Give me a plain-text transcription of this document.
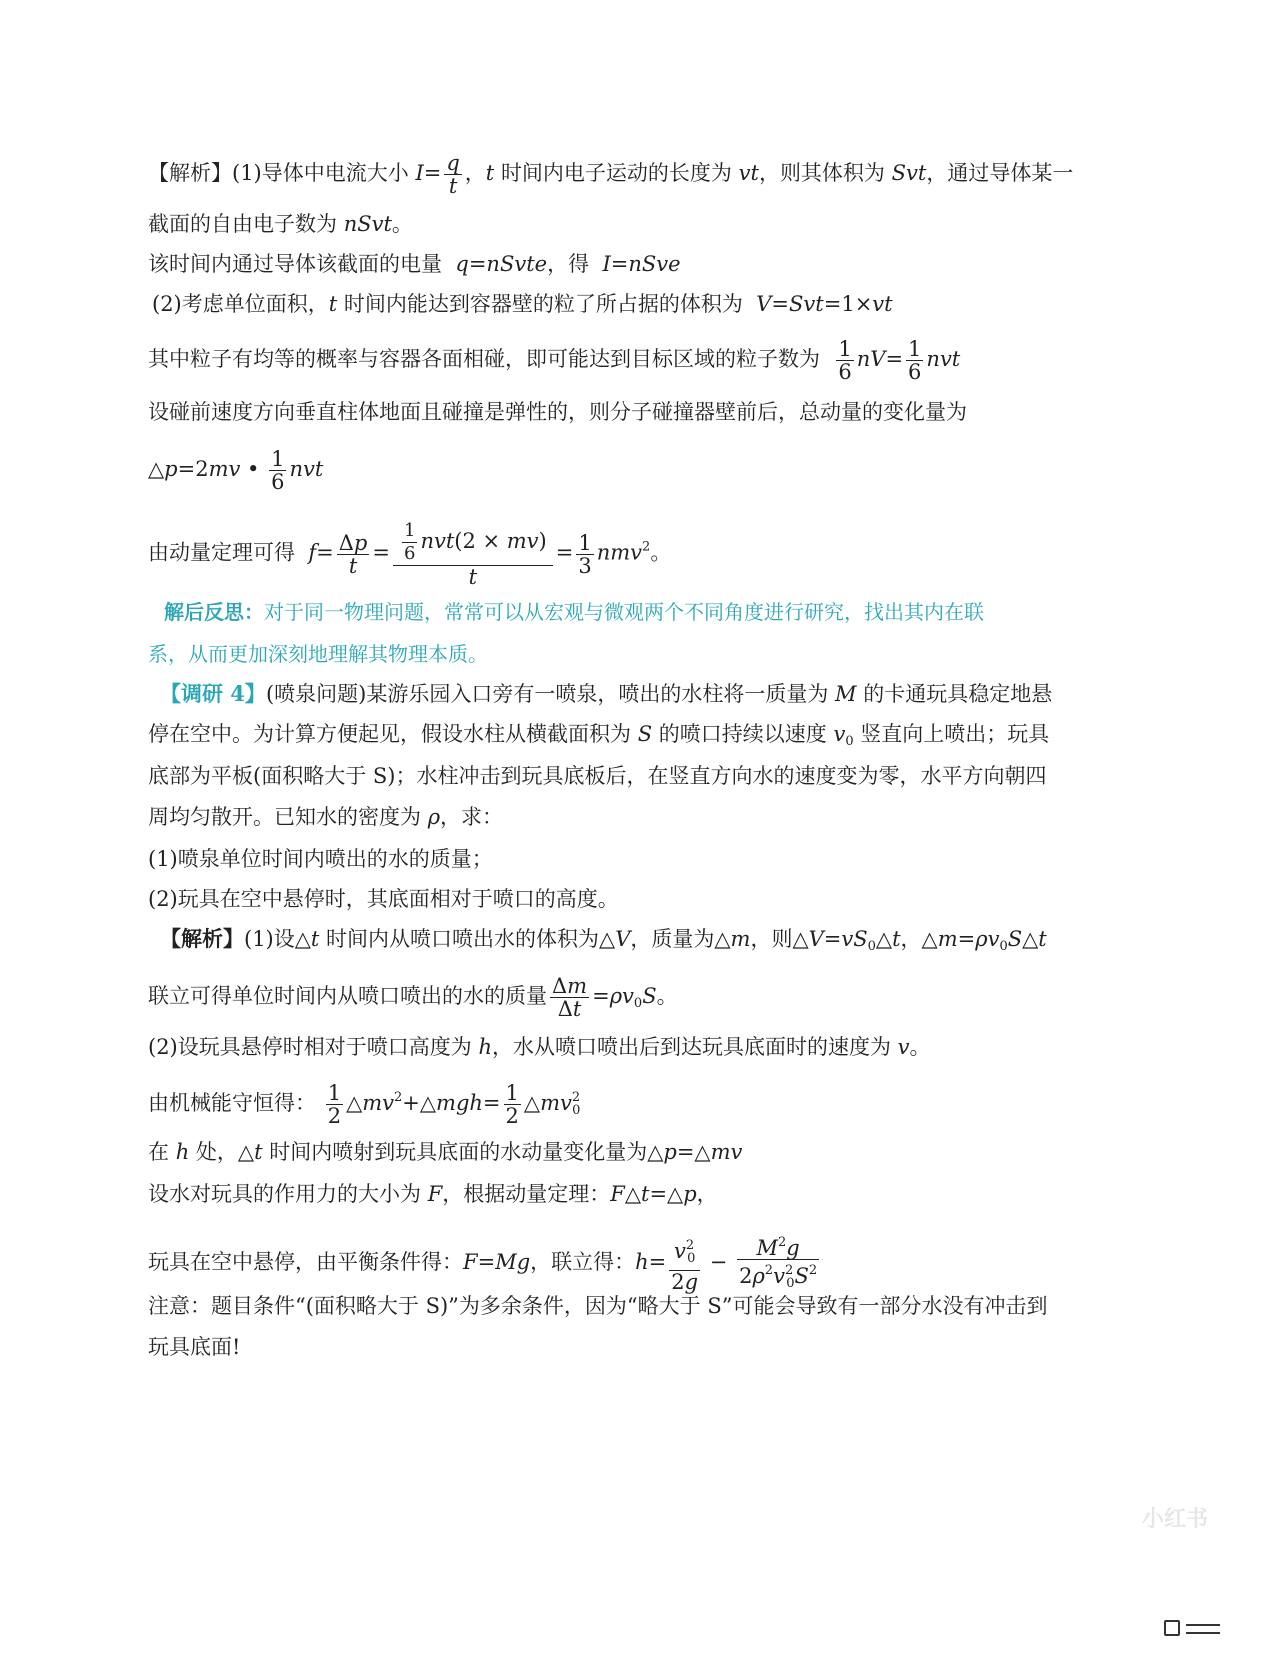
【解析】(1)导体中电流大小 $I= \frac{q}{t}$ ，t 时间内电子运动的长度为 vt，则其体积为 Svt，通过导体某一
截面的自由电子数为 nSvt。
该时间内通过导体该截面的电量 q=nSvte，得 I=nSve
(2)考虑单位面积，t 时间内能达到容器壁的粒了所占据的体积为 V=Svt=1×vt
其中粒子有均等的概率与容器各面相碰，即可能达到目标区域的粒子数为 $\frac{1}{6} nV= \frac{1}{6}$ nvt
设碰前速度方向垂直柱体地面且碰撞是弹性的，则分子碰撞器壁前后，总动量的变化量为
△p=2mv • $\frac{1}{6}$ nvt
由动量定理可得 $f= \frac{\Delta p}{t} = \frac{\frac{1}{6} nvt(2 \times mv)}{t} = \frac{1}{3} nmv^2$。
解后反思：对于同一物理问题，常常可以从宏观与微观两个不同角度进行研究，找出其内在联
系，从而更加深刻地理解其物理本质。
【调研 4】(喷泉问题)某游乐园入口旁有一喷泉，喷出的水柱将一质量为 M 的卡通玩具稳定地悬
停在空中。为计算方便起见，假设水柱从横截面积为 S 的喷口持续以速度 $v_0$ 竖直向上喷出；玩具
底部为平板(面积略大于 S)；水柱冲击到玩具底板后，在竖直方向水的速度变为零，水平方向朝四
周均匀散开。已知水的密度为 ρ，求：
(1)喷泉单位时间内喷出的水的质量；
(2)玩具在空中悬停时，其底面相对于喷口的高度。
【解析】(1)设△t 时间内从喷口喷出水的体积为△V，质量为△m，则$\triangle V=vS_0\triangle t$，$\triangle m=\rho v_0S\triangle t$
联立可得单位时间内从喷口喷出的水的质量 $\frac{\Delta m}{\Delta t} =\rho v_0S$。
(2)设玩具悬停时相对于喷口高度为 h，水从喷口喷出后到达玩具底面时的速度为 v。
由机械能守恒得： $\frac{1}{2}$ $\triangle mv^2+\triangle mgh= \frac{1}{2}$ $\triangle mv^2_0$
在 h 处，△t 时间内喷射到玩具底面的水动量变化量为△p=△mv
设水对玩具的作用力的大小为 F，根据动量定理：F△t=△p，
玩具在空中悬停，由平衡条件得：F=Mg，联立得：$h= \frac{v^2_0}{2g} - \frac{M^2g}{2\rho^2v^2_0S^2}$
注意：题目条件“(面积略大于 S)”为多余条件，因为“略大于 S”可能会导致有一部分水没有冲击到
玩具底面!
小红书
